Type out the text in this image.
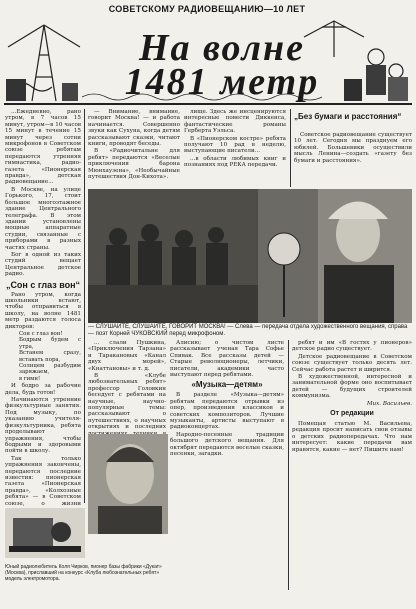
СОВЕТСКОМУ РАДИОВЕЩАНИЮ—10 ЛЕТ
На волне
1481 метр

...Ежедневно, рано утром, в 7 часов 15 минут, утром—в 10 часов 15 минут в течение 15 минут через сотни микрофонов в Советском союзе ребятам передаются утренняя гимнастика, радио-газета «Пионерская правда», детская радиовещание...

В Москве, на улице Горького, 17, стоит большое многоэтажное здание Центрального телеграфа. В этом здании установлены мощные аппаратные студии, связанные с приборами в разных частях страны.

Бог в одной из таких студий вещает Центральное детское радио.

„Сон с глаз вон“

Рано утром, когда школьники встают, чтобы отправиться в школу, на волне 1481 метр раздаются голоса дикторов:

Сон с глаз вон!
Бодрым будем с утра,
Встанем сразу, вставать пора,
Солнцем разбудим заряжаем,
в гимн!

И бодро за рабочие дела, будь готов!

Начинаются утренние физкультурные занятия. Под музыку, по указанию учителя-физкультурника, ребята проделывают упражнения, чтобы бодрыми и здоровыми пойти в школу.

Так только упражнения закончены, передаются последние известия: пионерская газета «Пионерская правда», «Колхозные ребята» — в Советском союзе, о жизни

— Внимание, внимание, говорит Москва! — и работа начинается. Совершенно звуки как Сухуна, когда детям рассказывают сказки, читают книги, проводят беседы.

В «Радиочитальне для ребят» передаются «Веселые приключения барона Мюнхаузена», «Необычайные путешествия Дон-Кихота».

лище. Здесь же инсценируются интересные повести Диккенса, фантастические романы Герберта Уэльса.

В «Пионерском костре» ребята получают 10 рад в неделю, выступающие писатели...

...в области любимых книг и познаниях под РЕКА передачи.

„Без бумаги и расстояния“

Советское радиовещание существует 10 лет. Сегодня мы празднуем его юбилей. Большевики осуществили мысль Ленина—создать «газету без бумаги и расстояния».

— СЛУШАЙТЕ, СЛУШАЙТЕ, ГОВОРИТ МОСКВА! — Слева — передача отдела художественного вещания, справа — поэт Корней ЧУКОВСКИЙ перед микрофоном.

... слали Пушкина, «Приключения Тарзана» и Таракановых «Канал двух морей», «Кнаттановы» и т. д.

В «Клубе любознательных ребят» профессор Головкин беседует с ребятами на научные, научно-популярные темы: рассказывают о путешествиях, о научных открытиях и последних

Алисию; о чистом листе рассказывает ученая Тара Софье Спивак. Все рассказы детей — Старые революционеры, летчики, писатели, академики часто выступают перед ребятами.

«Музыка—детям»

В разделе «Музыка—детям» ребятам передаются отрывки из опер, произведения классиков и советских композиторов. Лучшие музыканты, артисты выступают в радиоконцертах.

Народно-песенные традиции большого детского вещания. Для октябрят передаются веселые сказки, песенки, загадки.

ребят и им «В гостях у пионеров» детское радио существует.

Детское радиовещание в Советском союзе существует только десять лет. Сейчас работа растет и ширится.

В художественной, интересной и занимательной форме оно воспитывает детей — будущих строителей коммунизма.

Мих. Васильев.
От редакции

Помещая статью М. Васильева, редакция просит написать свои отзывы о детских радиопередачах. Что нам интересует: какие передачи вам нравятся, какие — нет? Пишите нам!

Юный радиолюбитель Коля Чирков, пионер базы фабрики «Дукат» (Москва), приславший на конкурс «Клуба любознательных ребят» модель электромотора.
